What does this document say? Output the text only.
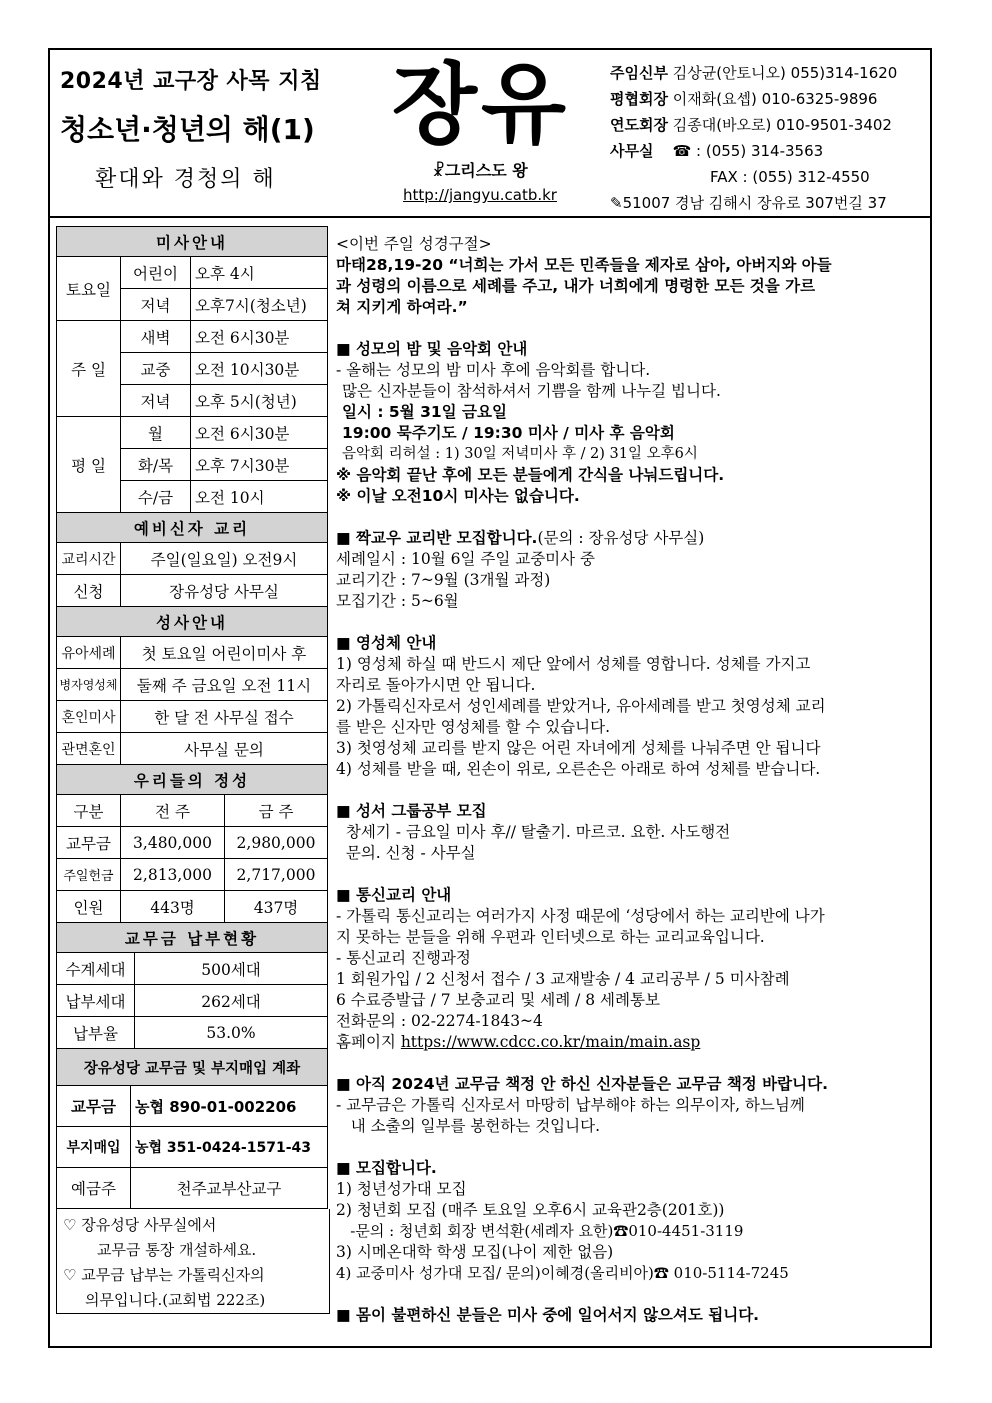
2024년 교구장 사목 지침
청소년·청년의 해(1)
환대와 경청의 해
장유
☧그리스도 왕
http://jangyu.catb.kr
주임신부 김상균(안토니오) 055)314-1620
평협회장 이재화(요셉) 010-6325-9896
연도회장 김종대(바오로) 010-9501-3402
사무실 ☎ : (055) 314-3563
FAX : (055) 312-4550
✎51007 경남 김해시 장유로 307번길 37
미사안내		
토요일	어린이	오후 4시
	저녁	오후7시(청소년)
주 일	새벽	오전 6시30분
	교중	오전 10시30분
	저녁	오후 5시(청년)
평 일	월	오전 6시30분
	화/목	오후 7시30분
	수/금	오전 10시
예비신자 교리		
교리시간	주일(일요일) 오전9시	
신청	장유성당 사무실	
성사안내		
유아세례	첫 토요일 어린이미사 후	
병자영성체	둘째 주 금요일 오전 11시	
혼인미사	한 달 전 사무실 접수	
관면혼인	사무실 문의	
우리들의 정성		
구분	전 주	금 주
교무금	3,480,000	2,980,000
주일헌금	2,813,000	2,717,000
인원	443명	437명
교무금 납부현황	
수계세대	500세대
납부세대	262세대
납부율	53.0%
장유성당 교무금 및 부지매입 계좌	
교무금	농협 890-01-002206
부지매입	농협 351-0424-1571-43
예금주	천주교부산교구
♡ 장유성당 사무실에서
교무금 통장 개설하세요.
♡ 교무금 납부는 가톨릭신자의
의무입니다.(교회법 222조)

<이번 주일 성경구절>

마태28,19-20 “너희는 가서 모든 민족들을 제자로 삼아, 아버지와 아들

과 성령의 이름으로 세례를 주고, 내가 너희에게 명령한 모든 것을 가르

쳐 지키게 하여라.”

■ 성모의 밤 및 음악회 안내

- 올해는 성모의 밤 미사 후에 음악회를 합니다.

많은 신자분들이 참석하셔서 기쁨을 함께 나누길 빕니다.

일시 : 5월 31일 금요일

19:00 묵주기도 / 19:30 미사 / 미사 후 음악회

음악회 리허설 : 1) 30일 저녁미사 후 / 2) 31일 오후6시

※ 음악회 끝난 후에 모든 분들에게 간식을 나눠드립니다.

※ 이날 오전10시 미사는 없습니다.

■ 짝교우 교리반 모집합니다.(문의 : 장유성당 사무실)

세례일시 : 10월 6일 주일 교중미사 중

교리기간 : 7~9월 (3개월 과정)

모집기간 : 5~6월

■ 영성체 안내

1) 영성체 하실 때 반드시 제단 앞에서 성체를 영합니다. 성체를 가지고

자리로 돌아가시면 안 됩니다.

2) 가톨릭신자로서 성인세례를 받았거나, 유아세례를 받고 첫영성체 교리

를 받은 신자만 영성체를 할 수 있습니다.

3) 첫영성체 교리를 받지 않은 어린 자녀에게 성체를 나눠주면 안 됩니다

4) 성체를 받을 때, 왼손이 위로, 오른손은 아래로 하여 성체를 받습니다.

■ 성서 그룹공부 모집

창세기 - 금요일 미사 후// 탈출기. 마르코. 요한. 사도행전

문의. 신청 - 사무실

■ 통신교리 안내

- 가톨릭 통신교리는 여러가지 사정 때문에 ‘성당에서 하는 교리반에 나가

지 못하는 분들을 위해 우편과 인터넷으로 하는 교리교육입니다.

- 통신교리 진행과정

1 회원가입 / 2 신청서 접수 / 3 교재발송 / 4 교리공부 / 5 미사참례

6 수료증발급 / 7 보충교리 및 세례 / 8 세례통보

전화문의 : 02-2274-1843~4

홈페이지 https://www.cdcc.co.kr/main/main.asp

■ 아직 2024년 교무금 책정 안 하신 신자분들은 교무금 책정 바랍니다.

- 교무금은 가톨릭 신자로서 마땅히 납부해야 하는 의무이자, 하느님께

내 소출의 일부를 봉헌하는 것입니다.

■ 모집합니다.

1) 청년성가대 모집

2) 청년회 모집 (매주 토요일 오후6시 교육관2층(201호))

-문의 : 청년회 회장 변석환(세례자 요한)☎010-4451-3119

3) 시메온대학 학생 모집(나이 제한 없음)

4) 교중미사 성가대 모집/ 문의)이혜경(올리비아)☎ 010-5114-7245

■ 몸이 불편하신 분들은 미사 중에 일어서지 않으셔도 됩니다.
